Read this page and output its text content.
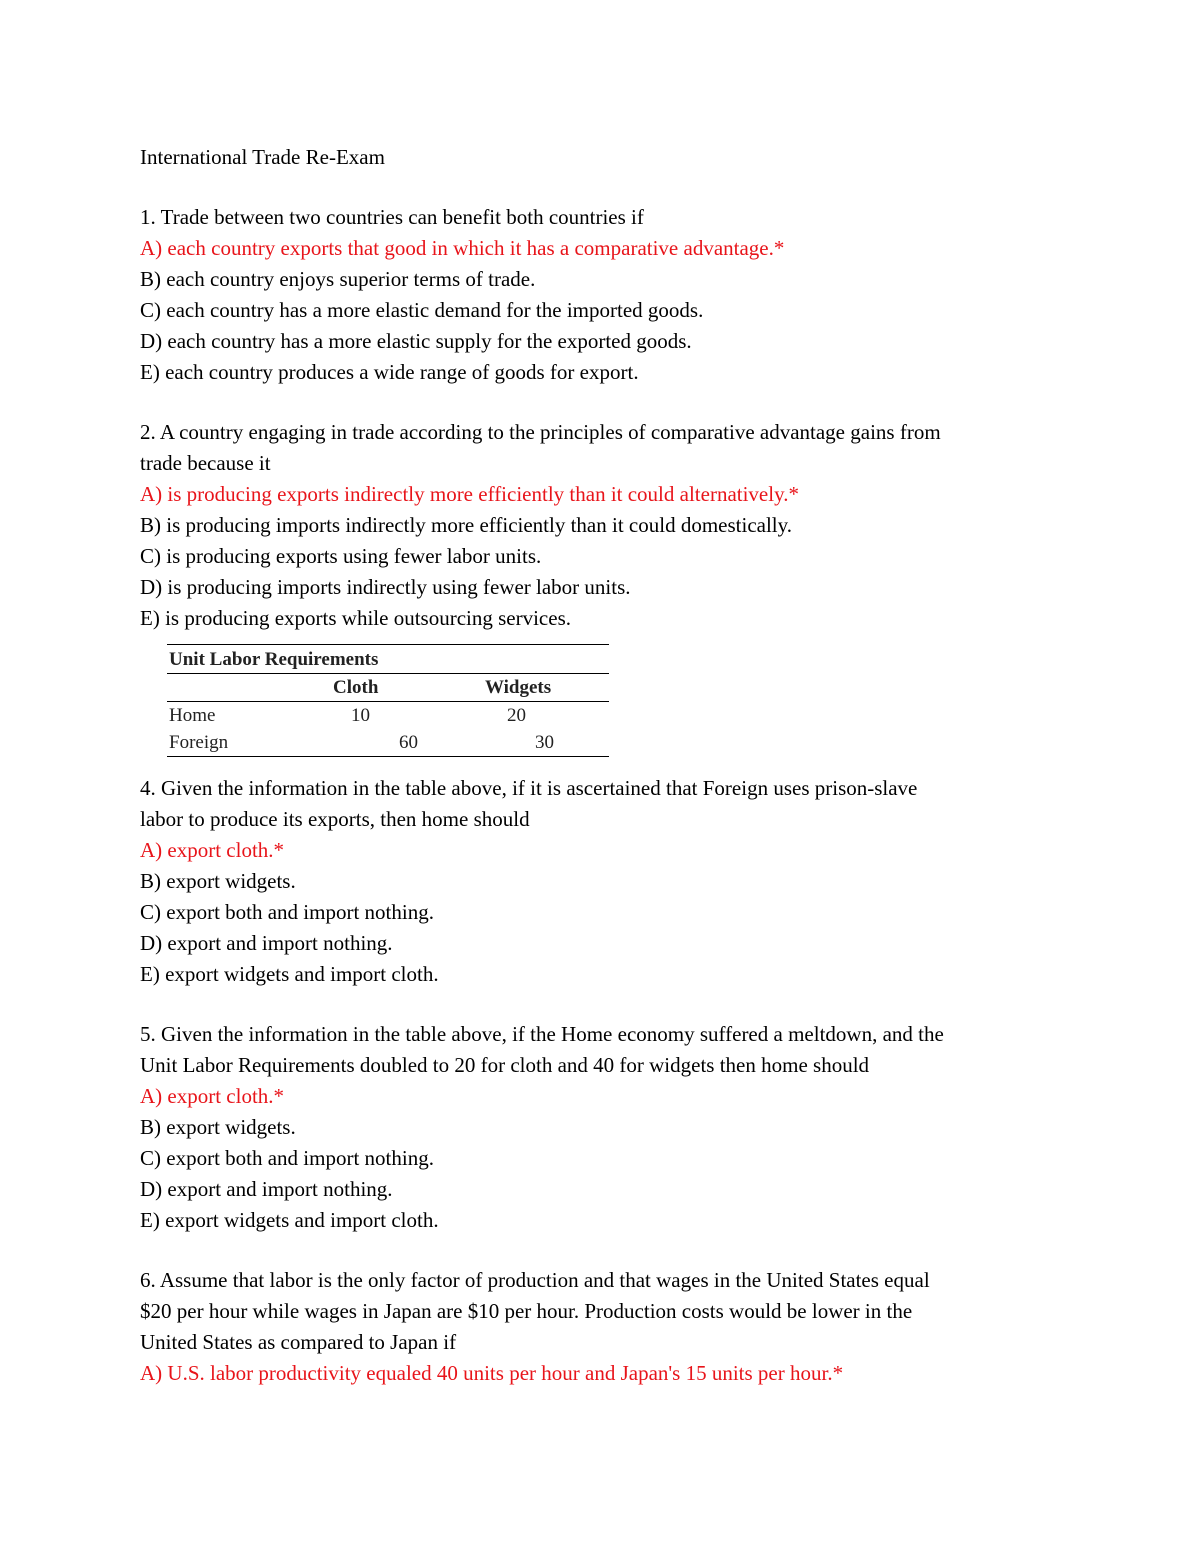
International Trade Re-Exam
1. Trade between two countries can benefit both countries if
A) each country exports that good in which it has a comparative advantage.*
B) each country enjoys superior terms of trade.
C) each country has a more elastic demand for the imported goods.
D) each country has a more elastic supply for the exported goods.
E) each country produces a wide range of goods for export.
2. A country engaging in trade according to the principles of comparative advantage gains from
trade because it
A) is producing exports indirectly more efficiently than it could alternatively.*
B) is producing imports indirectly more efficiently than it could domestically.
C) is producing exports using fewer labor units.
D) is producing imports indirectly using fewer labor units.
E) is producing exports while outsourcing services.
Unit Labor Requirements		
	Cloth	Widgets
Home	10	20
Foreign	60	30
4. Given the information in the table above, if it is ascertained that Foreign uses prison-slave
labor to produce its exports, then home should
A) export cloth.*
B) export widgets.
C) export both and import nothing.
D) export and import nothing.
E) export widgets and import cloth.
5. Given the information in the table above, if the Home economy suffered a meltdown, and the
Unit Labor Requirements doubled to 20 for cloth and 40 for widgets then home should
A) export cloth.*
B) export widgets.
C) export both and import nothing.
D) export and import nothing.
E) export widgets and import cloth.
6. Assume that labor is the only factor of production and that wages in the United States equal
$20 per hour while wages in Japan are $10 per hour. Production costs would be lower in the
United States as compared to Japan if
A) U.S. labor productivity equaled 40 units per hour and Japan's 15 units per hour.*
